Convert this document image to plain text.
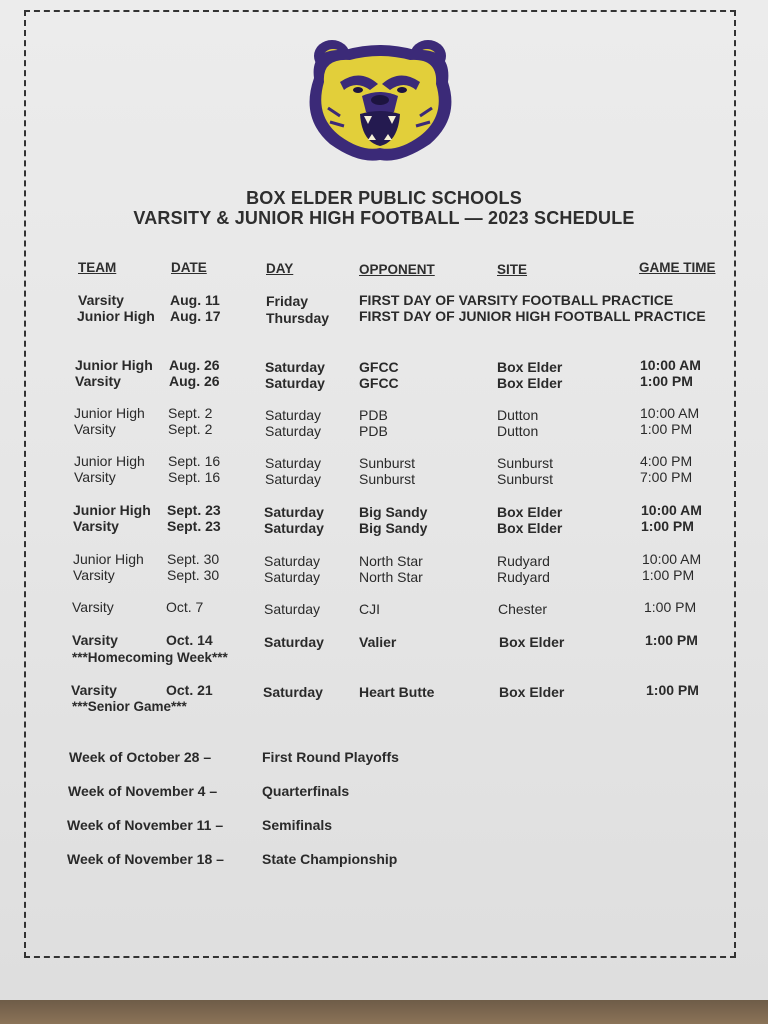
BOX ELDER PUBLIC SCHOOLS
VARSITY & JUNIOR HIGH FOOTBALL — 2023 SCHEDULE
TEAM	DATE	DAY	OPPONENT	SITE	GAME TIME
Varsity	Aug. 11	Friday	FIRST DAY OF VARSITY FOOTBALL PRACTICE
Junior High Aug. 17	Thursday FIRST DAY OF JUNIOR HIGH FOOTBALL PRACTICE
Junior High Aug. 26	Saturday GFCC	Box Elder	10:00 AM
Varsity	Aug. 26	Saturday GFCC	Box Elder	1:00 PM
Junior High Sept. 2	Saturday	PDB	Dutton	10:00 AM
Varsity	Sept. 2	Saturday	PDB	Dutton	1:00 PM
Junior High Sept. 16	Saturday	Sunburst	Sunburst	4:00 PM
Varsity	Sept. 16	Saturday	Sunburst	Sunburst	7:00 PM
Junior High Sept. 23	Saturday	Big Sandy	Box Elder	10:00 AM
Varsity	Sept. 23	Saturday	Big Sandy	Box Elder	1:00 PM
Junior High Sept. 30	Saturday	North Star	Rudyard	10:00 AM
Varsity	Sept. 30	Saturday	North Star	Rudyard	1:00 PM
Varsity	Oct. 7	Saturday	CJI	Chester	1:00 PM
Varsity	Oct. 14	Saturday	Valier	Box Elder	1:00 PM
Varsity	Oct. 21	Saturday	Heart Butte	Box Elder	1:00 PM
***Homecoming Week***
***Senior Game***
Week of October 28 –	First Round Playoffs
Week of November 4 –	Quarterfinals
Week of November 11 –	Semifinals
Week of November 18 –	State Championship
